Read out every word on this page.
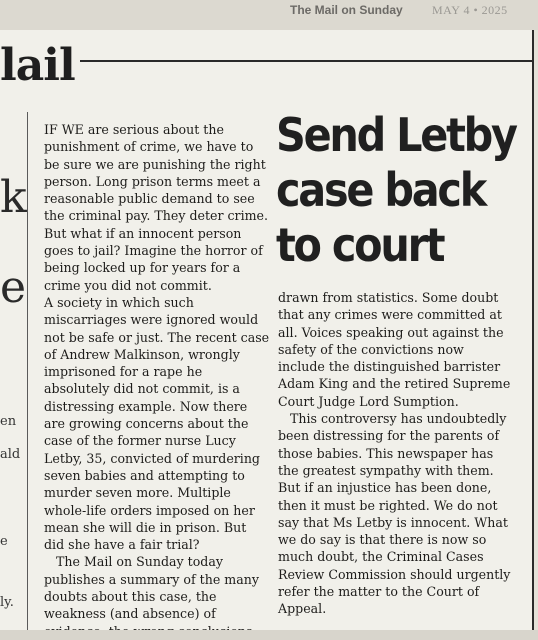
The Mail on Sunday MAY 4 • 2025
lail
k
e
en
ald
e
ly.
Send Letby
case back
to court

IF WE are serious about the punishment of crime, we have to be sure we are punishing the right person. Long prison terms meet a reasonable public demand to see the criminal pay. They deter crime.

But what if an innocent person goes to jail? Imagine the horror of being locked up for years for a crime you did not commit.

A society in which such miscarriages were ignored would not be safe or just. The recent case of Andrew Malkinson, wrongly imprisoned for a rape he absolutely did not commit, is a distressing example. Now there are growing concerns about the case of the former nurse Lucy Letby, 35, convicted of murdering seven babies and attempting to murder seven more. Multiple whole-life orders imposed on her mean she will die in prison. But did she have a fair trial?

The Mail on Sunday today publishes a summary of the many doubts about this case, the weakness (and absence) of

drawn from statistics. Some doubt that any crimes were committed at all. Voices speaking out against the safety of the convictions now include the distinguished barrister Adam King and the retired Supreme Court Judge Lord Sumption.

This controversy has undoubtedly been distressing for the parents of those babies. This newspaper has the greatest sympathy with them. But if an injustice has been done, then it must be righted. We do not say that Ms Letby is innocent. What we do say is that there is now so much doubt, the Criminal Cases Review Commission should urgently refer the matter to the Court of Appeal.
